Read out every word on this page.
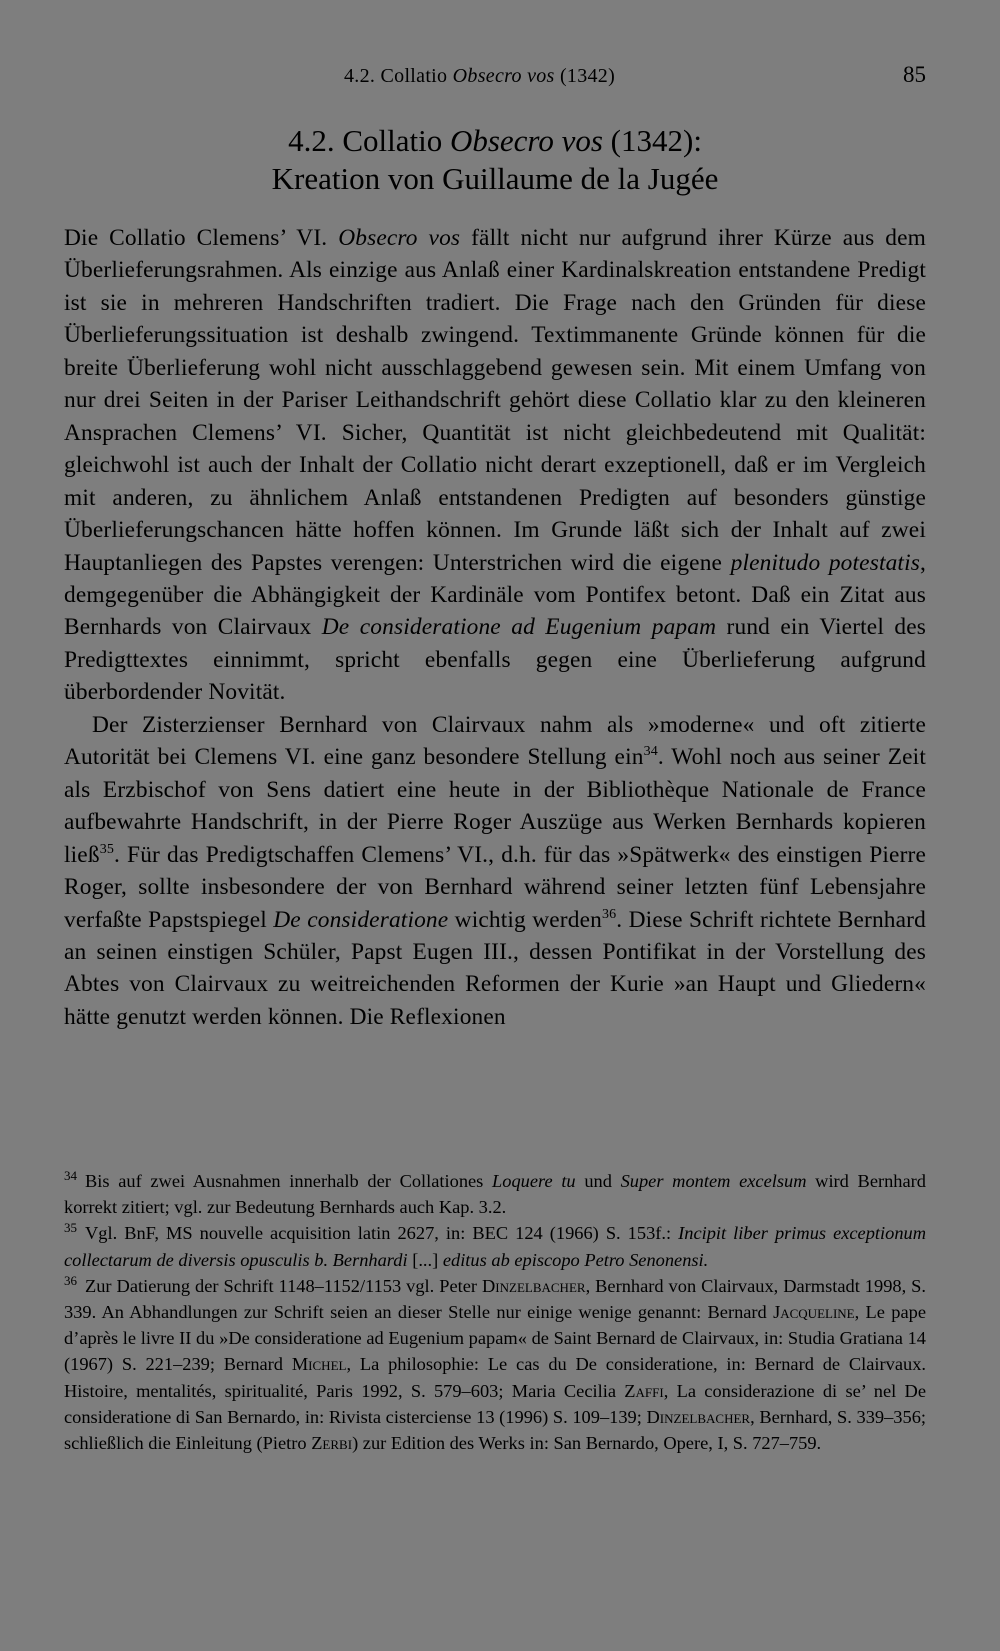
4.2. Collatio Obsecro vos (1342)	85
4.2. Collatio Obsecro vos (1342):
Kreation von Guillaume de la Jugée

Die Collatio Clemens’ VI. Obsecro vos fällt nicht nur aufgrund ihrer Kürze aus dem Überlieferungsrahmen. Als einzige aus Anlaß einer Kardinalskreation entstandene Predigt ist sie in mehreren Handschriften tradiert. Die Frage nach den Gründen für diese Überlieferungssituation ist deshalb zwingend. Textimmanente Gründe können für die breite Überlieferung wohl nicht ausschlaggebend gewesen sein. Mit einem Umfang von nur drei Seiten in der Pariser Leithandschrift gehört diese Collatio klar zu den kleineren Ansprachen Clemens’ VI. Sicher, Quantität ist nicht gleichbedeutend mit Qualität: gleichwohl ist auch der Inhalt der Collatio nicht derart exzeptionell, daß er im Vergleich mit anderen, zu ähnlichem Anlaß entstandenen Predigten auf besonders günstige Überlieferungschancen hätte hoffen können. Im Grunde läßt sich der Inhalt auf zwei Hauptanliegen des Papstes verengen: Unterstrichen wird die eigene plenitudo potestatis, demgegenüber die Abhängigkeit der Kardinäle vom Pontifex betont. Daß ein Zitat aus Bernhards von Clairvaux De consideratione ad Eugenium papam rund ein Viertel des Predigttextes einnimmt, spricht ebenfalls gegen eine Überlieferung aufgrund überbordender Novität.

Der Zisterzienser Bernhard von Clairvaux nahm als »moderne« und oft zitierte Autorität bei Clemens VI. eine ganz besondere Stellung ein$^{34}$. Wohl noch aus seiner Zeit als Erzbischof von Sens datiert eine heute in der Bibliothèque Nationale de France aufbewahrte Handschrift, in der Pierre Roger Auszüge aus Werken Bernhards kopieren ließ$^{35}$. Für das Predigtschaffen Clemens’ VI., d.h. für das »Spätwerk« des einstigen Pierre Roger, sollte insbesondere der von Bernhard während seiner letzten fünf Lebensjahre verfaßte Papstspiegel De consideratione wichtig werden$^{36}$. Diese Schrift richtete Bernhard an seinen einstigen Schüler, Papst Eugen III., dessen Pontifikat in der Vorstellung des Abtes von Clairvaux zu weitreichenden Reformen der Kurie »an Haupt und Gliedern« hätte genutzt werden können. Die Reflexionen

$^{34}$ Bis auf zwei Ausnahmen innerhalb der Collationes Loquere tu und Super montem excelsum wird Bernhard korrekt zitiert; vgl. zur Bedeutung Bernhards auch Kap. 3.2.

$^{35}$ Vgl. BnF, MS nouvelle acquisition latin 2627, in: BEC 124 (1966) S. 153f.: Incipit liber primus exceptionum collectarum de diversis opusculis b. Bernhardi [...] editus ab episcopo Petro Senonensi.

$^{36}$ Zur Datierung der Schrift 1148–1152/1153 vgl. Peter Dinzelbacher, Bernhard von Clairvaux, Darmstadt 1998, S. 339. An Abhandlungen zur Schrift seien an dieser Stelle nur einige wenige genannt: Bernard Jacqueline, Le pape d’après le livre II du »De consideratione ad Eugenium papam« de Saint Bernard de Clairvaux, in: Studia Gratiana 14 (1967) S. 221–239; Bernard Michel, La philosophie: Le cas du De consideratione, in: Bernard de Clairvaux. Histoire, mentalités, spiritualité, Paris 1992, S. 579–603; Maria Cecilia Zaffi, La considerazione di se’ nel De consideratione di San Bernardo, in: Rivista cisterciense 13 (1996) S. 109–139; Dinzelbacher, Bernhard, S. 339–356; schließlich die Einleitung (Pietro Zerbi) zur Edition des Werks in: San Bernardo, Opere, I, S. 727–759.
